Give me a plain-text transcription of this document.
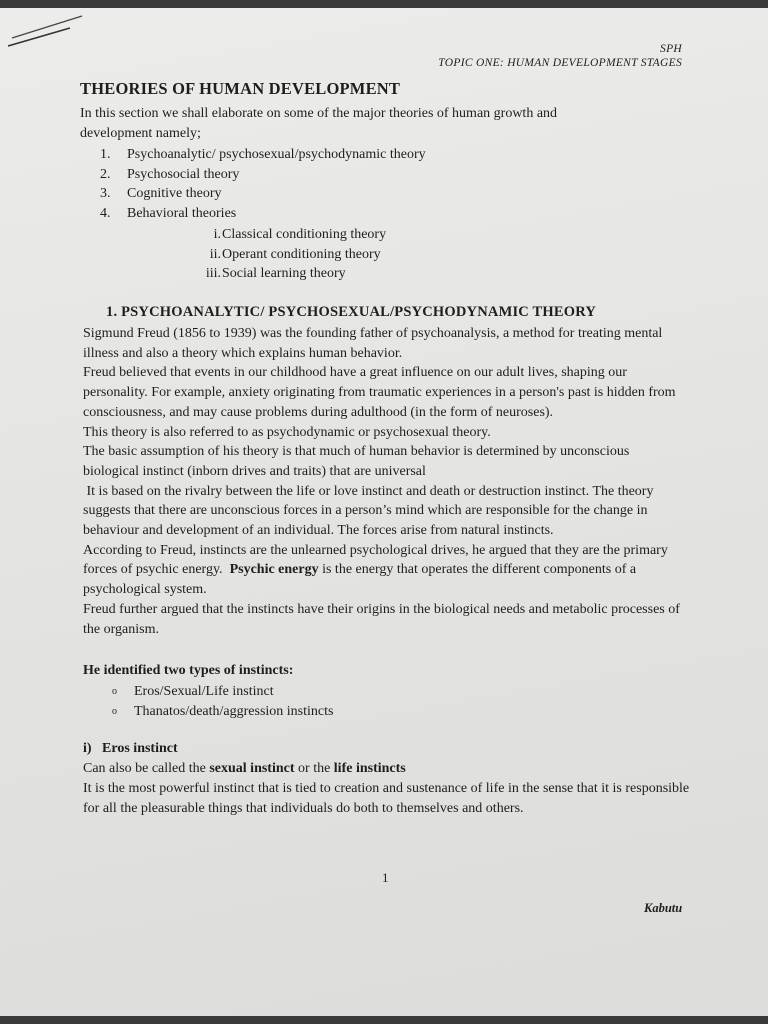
SPH
TOPIC ONE: HUMAN DEVELOPMENT STAGES
THEORIES OF HUMAN DEVELOPMENT
In this section we shall elaborate on some of the major theories of human growth and development namely;
1.	Psychoanalytic/ psychosexual/psychodynamic theory
2.	Psychosocial theory
3.	Cognitive theory
4.	Behavioral theories
i. Classical conditioning theory
ii. Operant conditioning theory
iii. Social learning theory
1. PSYCHOANALYTIC/ PSYCHOSEXUAL/PSYCHODYNAMIC THEORY

Sigmund Freud (1856 to 1939) was the founding father of psychoanalysis, a method for treating mental illness and also a theory which explains human behavior.

Freud believed that events in our childhood have a great influence on our adult lives, shaping our personality. For example, anxiety originating from traumatic experiences in a person's past is hidden from consciousness, and may cause problems during adulthood (in the form of neuroses).

This theory is also referred to as psychodynamic or psychosexual theory.

The basic assumption of his theory is that much of human behavior is determined by unconscious biological instinct (inborn drives and traits) that are universal

It is based on the rivalry between the life or love instinct and death or destruction instinct. The theory suggests that there are unconscious forces in a person’s mind which are responsible for the change in behaviour and development of an individual. The forces arise from natural instincts.

According to Freud, instincts are the unlearned psychological drives, he argued that they are the primary forces of psychic energy.  Psychic energy is the energy that operates the different components of a psychological system.

Freud further argued that the instincts have their origins in the biological needs and metabolic processes of the organism.

He identified two types of instincts:
o	Eros/Sexual/Life instinct
o	Thanatos/death/aggression instincts
i)   Eros instinct

Can also be called the sexual instinct or the life instincts

It is the most powerful instinct that is tied to creation and sustenance of life in the sense that it is responsible for all the pleasurable things that individuals do both to themselves and others.

1
Kabutu
